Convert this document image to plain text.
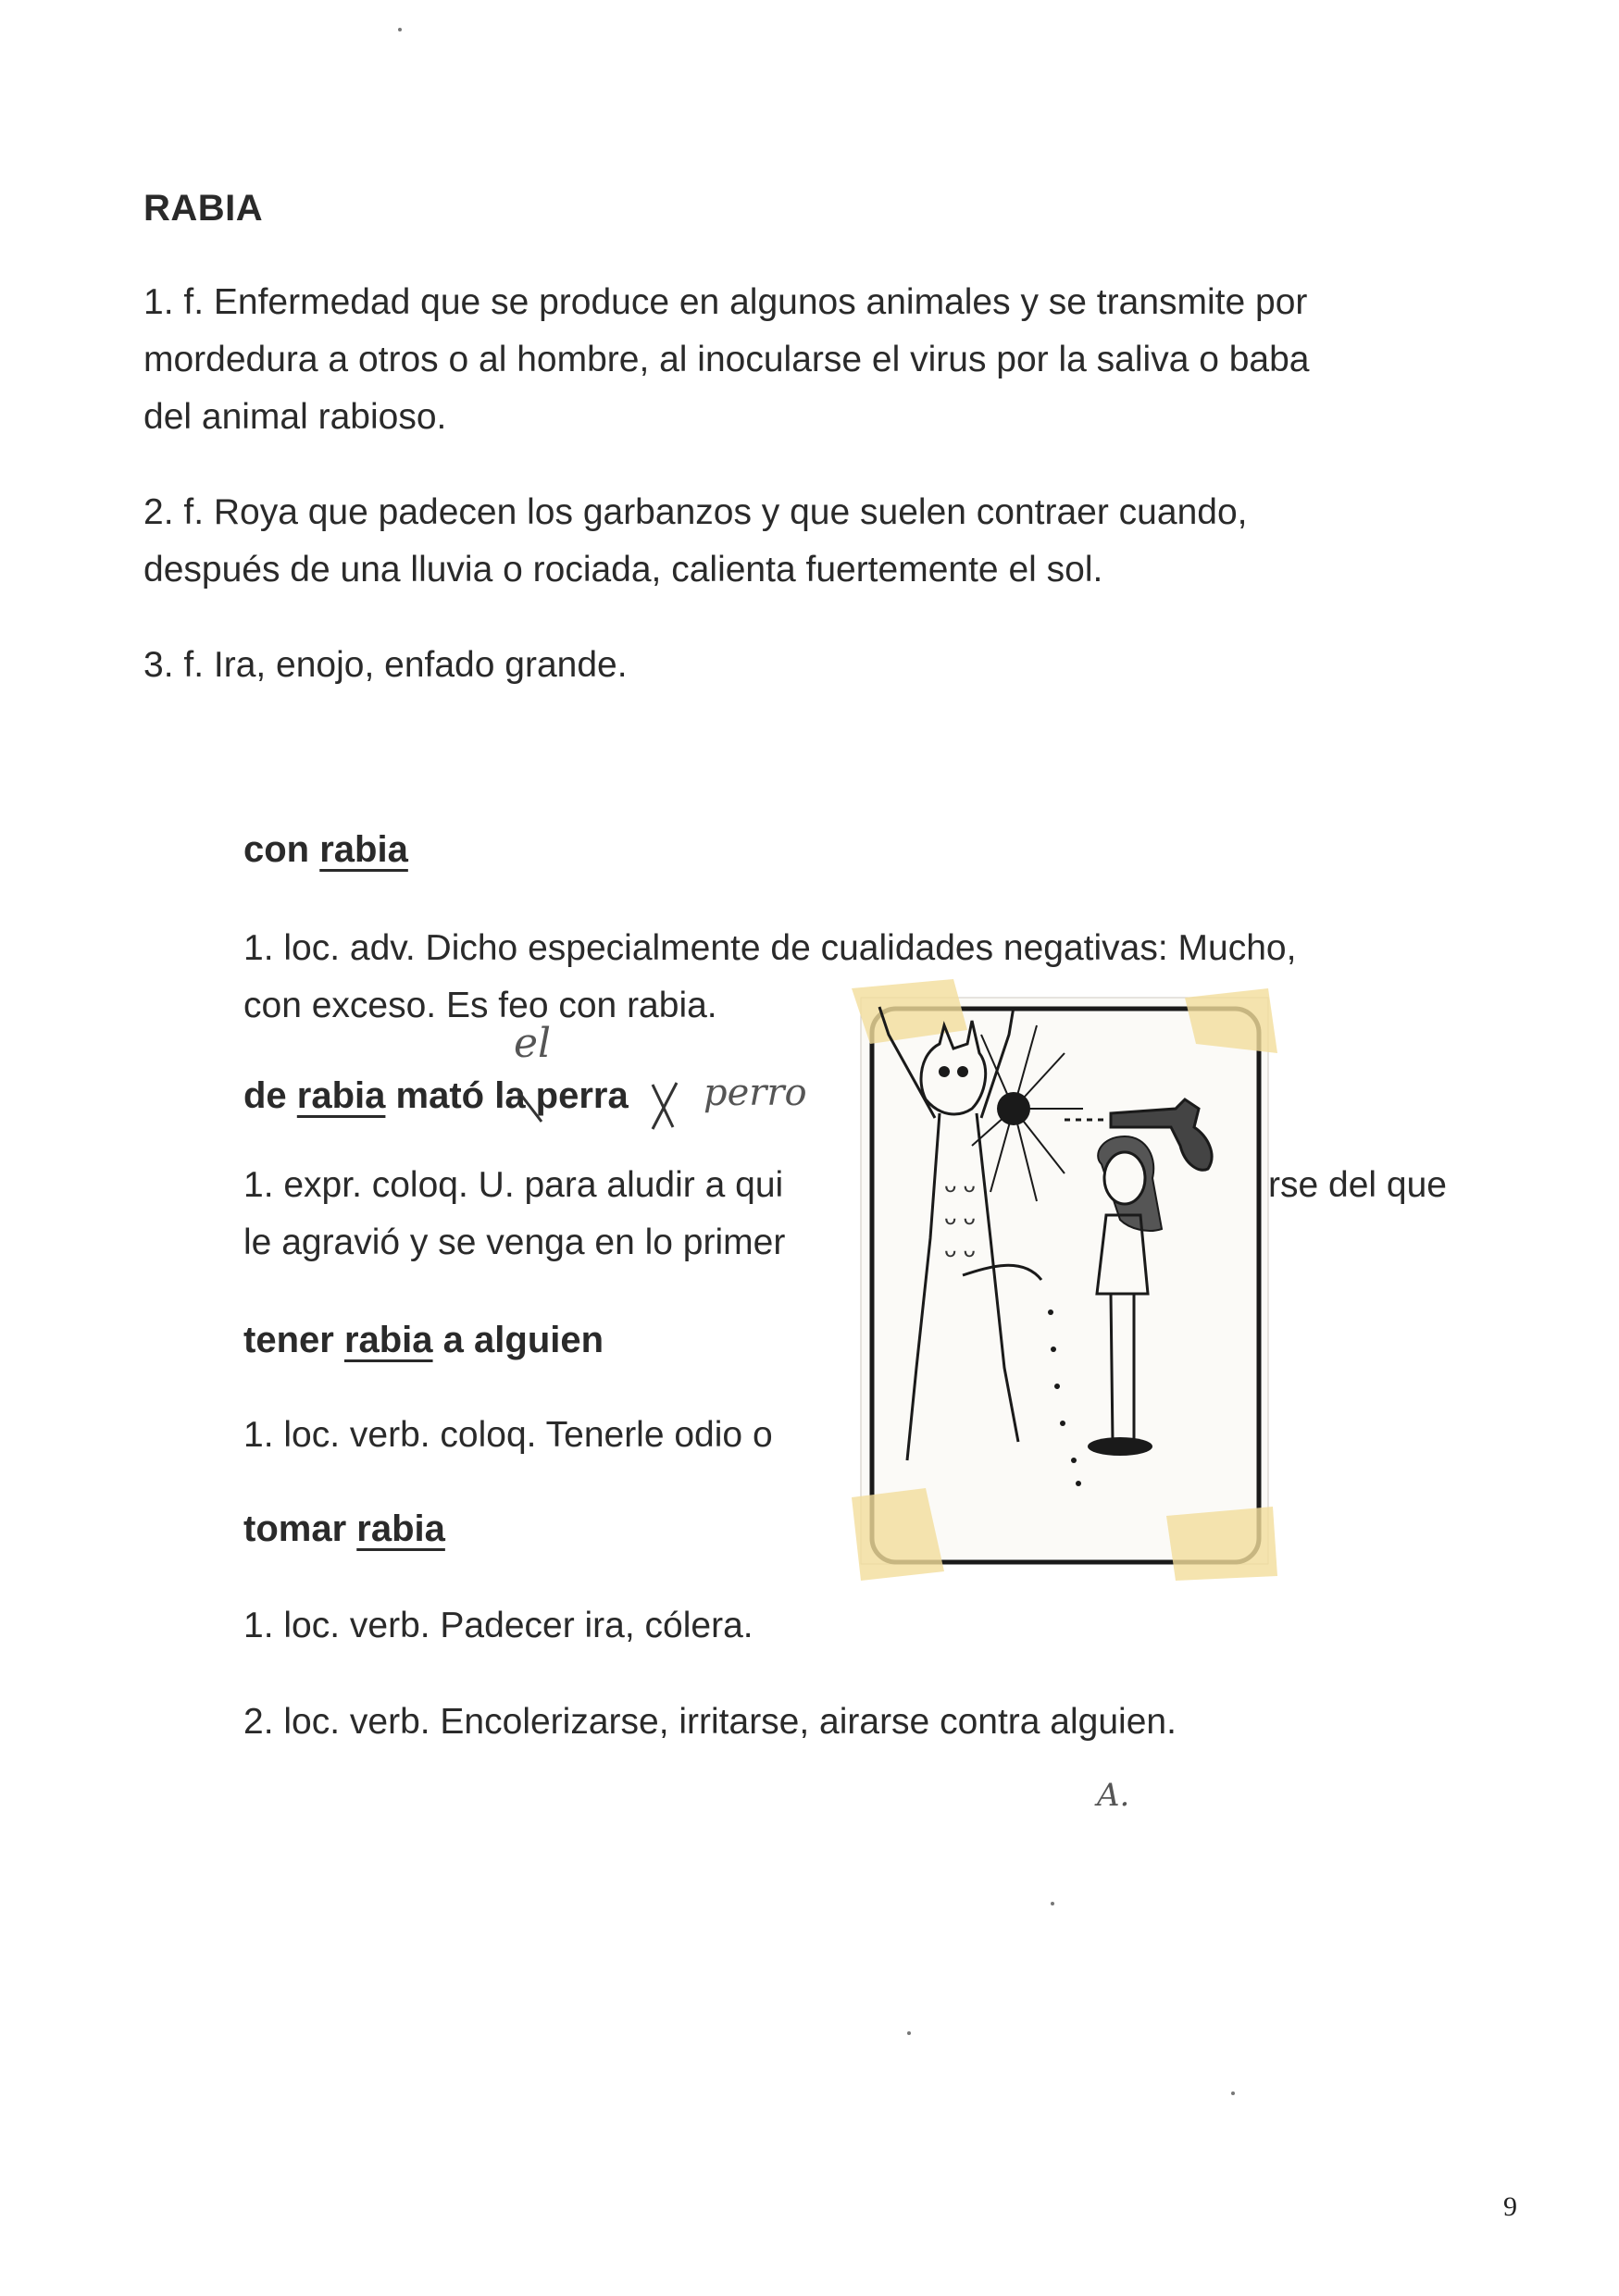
RABIA
1. f. Enfermedad que se produce en algunos animales y se transmite por
mordedura a otros o al hombre, al inocularse el virus por la saliva o baba
del animal rabioso.
2. f. Roya que padecen los garbanzos y que suelen contraer cuando,
después de una lluvia o rociada, calienta fuertemente el sol.
3. f. Ira, enojo, enfado grande.
con rabia
1. loc. adv. Dicho especialmente de cualidades negativas: Mucho,
con exceso. Es feo con rabia.
de rabia mató la perra
el
perro
1. expr. coloq. U. para aludir a qui
le agravió y se venga en lo primer
rse del que
tener rabia a alguien
1. loc. verb. coloq. Tenerle odio o
tomar rabia
1. loc. verb. Padecer ira, cólera.
2. loc. verb. Encolerizarse, irritarse, airarse contra alguien.
ᴗ ᴗ
ᴗ ᴗ
ᴗ ᴗ
A.
9
